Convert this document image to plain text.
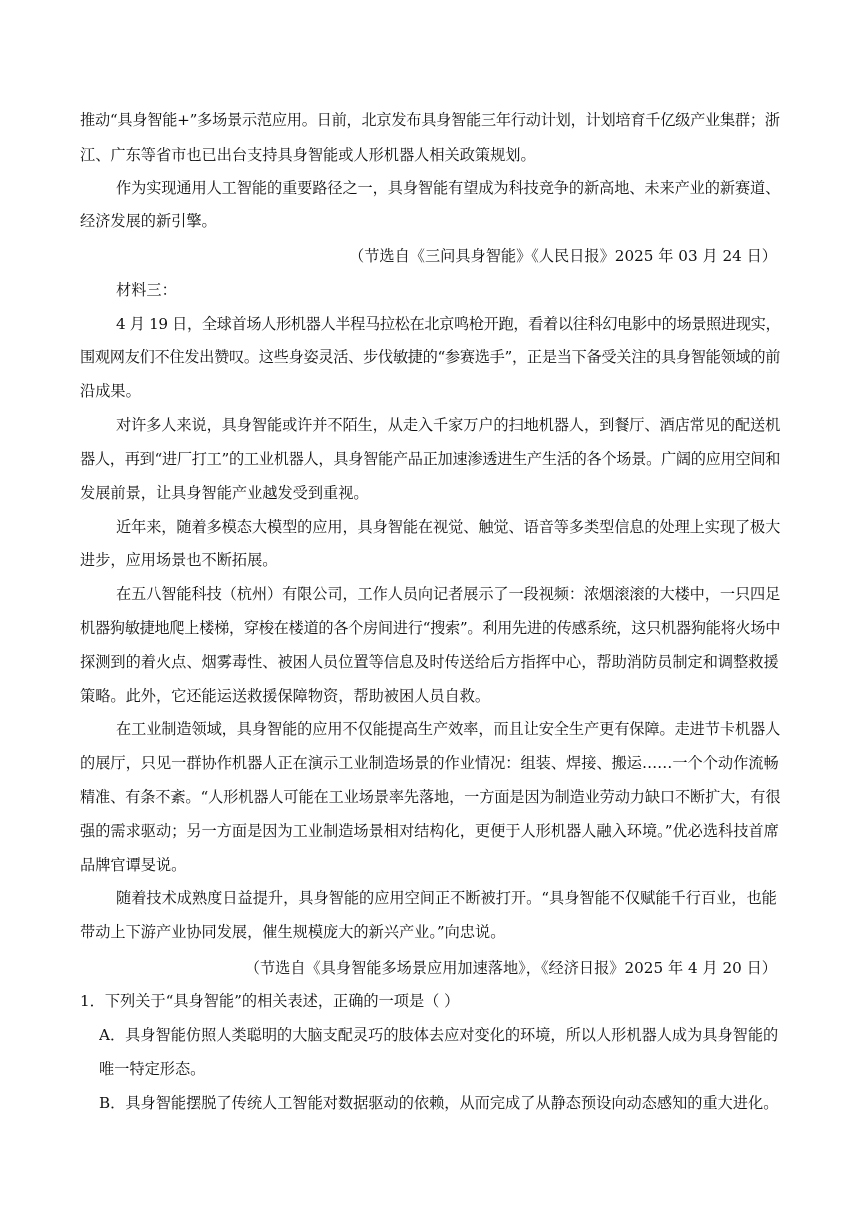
推动“具身智能+”多场景示范应用。日前，北京发布具身智能三年行动计划，计划培育千亿级产业集群；浙
江、广东等省市也已出台支持具身智能或人形机器人相关政策规划。
作为实现通用人工智能的重要路径之一，具身智能有望成为科技竞争的新高地、未来产业的新赛道、
经济发展的新引擎。
（节选自《三问具身智能》《人民日报》2025 年 03 月 24 日）
材料三：
4 月 19 日，全球首场人形机器人半程马拉松在北京鸣枪开跑，看着以往科幻电影中的场景照进现实，
围观网友们不住发出赞叹。这些身姿灵活、步伐敏捷的“参赛选手”，正是当下备受关注的具身智能领域的前
沿成果。
对许多人来说，具身智能或许并不陌生，从走入千家万户的扫地机器人，到餐厅、酒店常见的配送机
器人，再到“进厂打工”的工业机器人，具身智能产品正加速渗透进生产生活的各个场景。广阔的应用空间和
发展前景，让具身智能产业越发受到重视。
近年来，随着多模态大模型的应用，具身智能在视觉、触觉、语音等多类型信息的处理上实现了极大
进步，应用场景也不断拓展。
在五八智能科技（杭州）有限公司，工作人员向记者展示了一段视频：浓烟滚滚的大楼中，一只四足
机器狗敏捷地爬上楼梯，穿梭在楼道的各个房间进行“搜索”。利用先进的传感系统，这只机器狗能将火场中
探测到的着火点、烟雾毒性、被困人员位置等信息及时传送给后方指挥中心，帮助消防员制定和调整救援
策略。此外，它还能运送救援保障物资，帮助被困人员自救。
在工业制造领域，具身智能的应用不仅能提高生产效率，而且让安全生产更有保障。走进节卡机器人
的展厅，只见一群协作机器人正在演示工业制造场景的作业情况：组装、焊接、搬运……一个个动作流畅
精准、有条不紊。“人形机器人可能在工业场景率先落地，一方面是因为制造业劳动力缺口不断扩大，有很
强的需求驱动；另一方面是因为工业制造场景相对结构化，更便于人形机器人融入环境。”优必选科技首席
品牌官谭旻说。
随着技术成熟度日益提升，具身智能的应用空间正不断被打开。“具身智能不仅赋能千行百业，也能
带动上下游产业协同发展，催生规模庞大的新兴产业。”向忠说。
（节选自《具身智能多场景应用加速落地》，《经济日报》2025 年 4 月 20 日）
1．下列关于“具身智能”的相关表述，正确的一项是（ ）
A．具身智能仿照人类聪明的大脑支配灵巧的肢体去应对变化的环境，所以人形机器人成为具身智能的
唯一特定形态。
B．具身智能摆脱了传统人工智能对数据驱动的依赖，从而完成了从静态预设向动态感知的重大进化。
